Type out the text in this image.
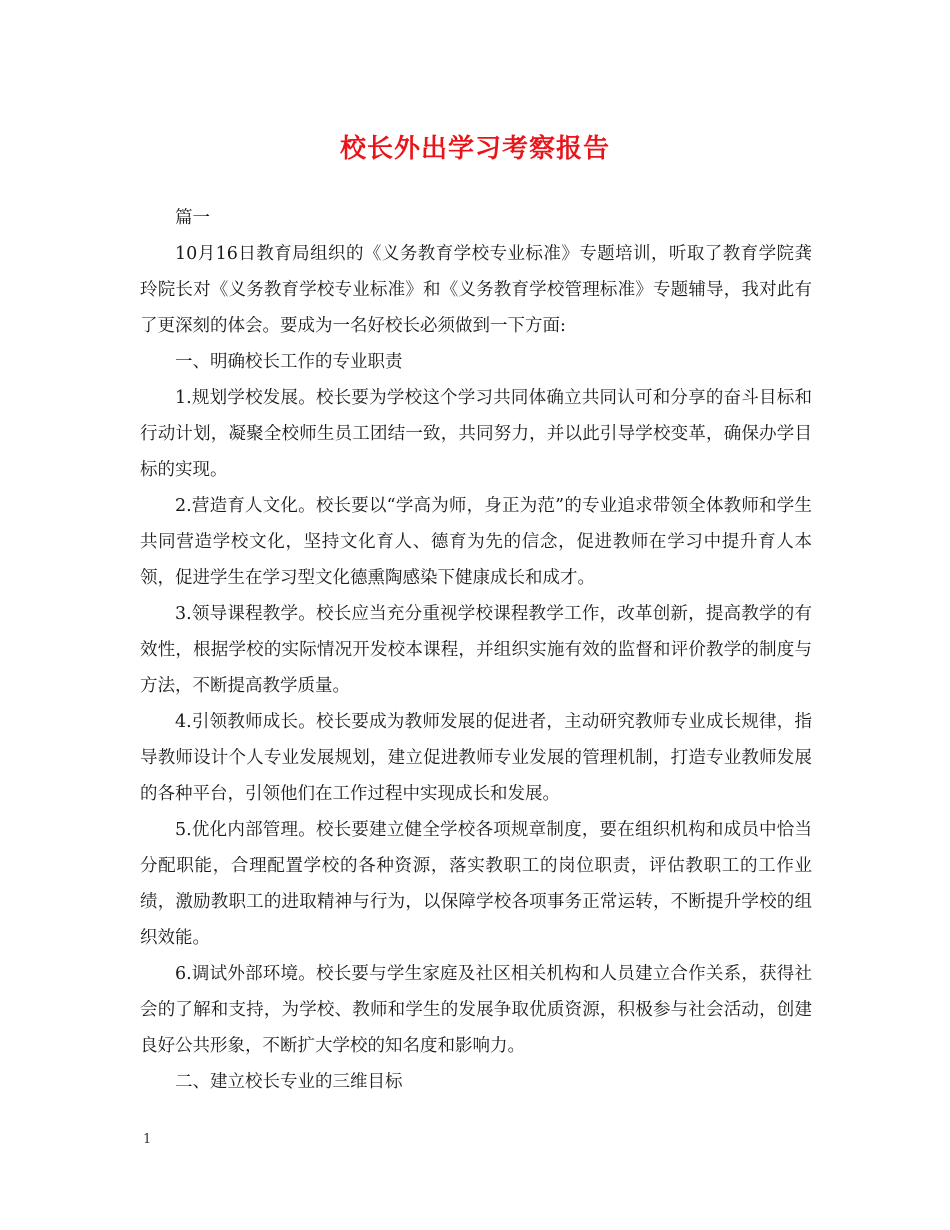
校长外出学习考察报告

篇一

10月16日教育局组织的《义务教育学校专业标准》专题培训，听取了教育学院龚玲院长对《义务教育学校专业标准》和《义务教育学校管理标准》专题辅导，我对此有了更深刻的体会。要成为一名好校长必须做到一下方面:

一、明确校长工作的专业职责

1.规划学校发展。校长要为学校这个学习共同体确立共同认可和分享的奋斗目标和行动计划，凝聚全校师生员工团结一致，共同努力，并以此引导学校变革，确保办学目标的实现。

2.营造育人文化。校长要以“学高为师，身正为范”的专业追求带领全体教师和学生共同营造学校文化，坚持文化育人、德育为先的信念，促进教师在学习中提升育人本领，促进学生在学习型文化德熏陶感染下健康成长和成才。

3.领导课程教学。校长应当充分重视学校课程教学工作，改革创新，提高教学的有效性，根据学校的实际情况开发校本课程，并组织实施有效的监督和评价教学的制度与方法，不断提高教学质量。

4.引领教师成长。校长要成为教师发展的促进者，主动研究教师专业成长规律，指导教师设计个人专业发展规划，建立促进教师专业发展的管理机制，打造专业教师发展的各种平台，引领他们在工作过程中实现成长和发展。

5.优化内部管理。校长要建立健全学校各项规章制度，要在组织机构和成员中恰当分配职能，合理配置学校的各种资源，落实教职工的岗位职责，评估教职工的工作业绩，激励教职工的进取精神与行为，以保障学校各项事务正常运转，不断提升学校的组织效能。

6.调试外部环境。校长要与学生家庭及社区相关机构和人员建立合作关系，获得社会的了解和支持，为学校、教师和学生的发展争取优质资源，积极参与社会活动，创建良好公共形象，不断扩大学校的知名度和影响力。

二、建立校长专业的三维目标

1
